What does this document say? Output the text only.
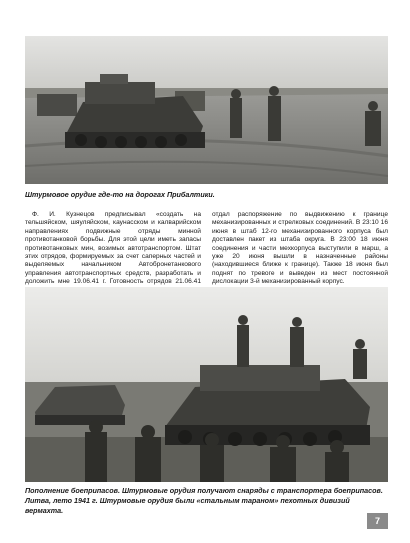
Штурмовое орудие где-то на дорогах Прибалтики.

Ф. И. Кузнецов предписывал «создать на тельшяйском, шяуляйском, каунасском и калварийском направлениях подвижные отряды минной противотанковой борьбы. Для этой цели иметь запасы противотанковых мин, возимых автотранспортом. Штат этих отрядов, формируемых за счет саперных частей и выделяемых начальником Автобронетанкового управления автотранспортных средств, разработать и доложить мне 19.06.41 г. Готовность отрядов 21.06.41

отдал распоряжение по выдвижению к границе механизированных и стрелковых соединений. В 23:10 16 июня в штаб 12-го механизированного корпуса был доставлен пакет из штаба округа. В 23:00 18 июня соединения и части мехкорпуса выступили в марш, а уже 20 июня вышли в назначенные районы (находившиеся ближе к границе). Также 18 июня был поднят по тревоге и выведен из мест постоянной дислокации 3-й механизированный корпус.

Пополнение боеприпасов. Штурмовые орудия получают снаряды с транспортера боеприпасов. Литва, лето 1941 г. Штурмовые орудия были «стальным тараном» пехотных дивизий вермахта.
7
